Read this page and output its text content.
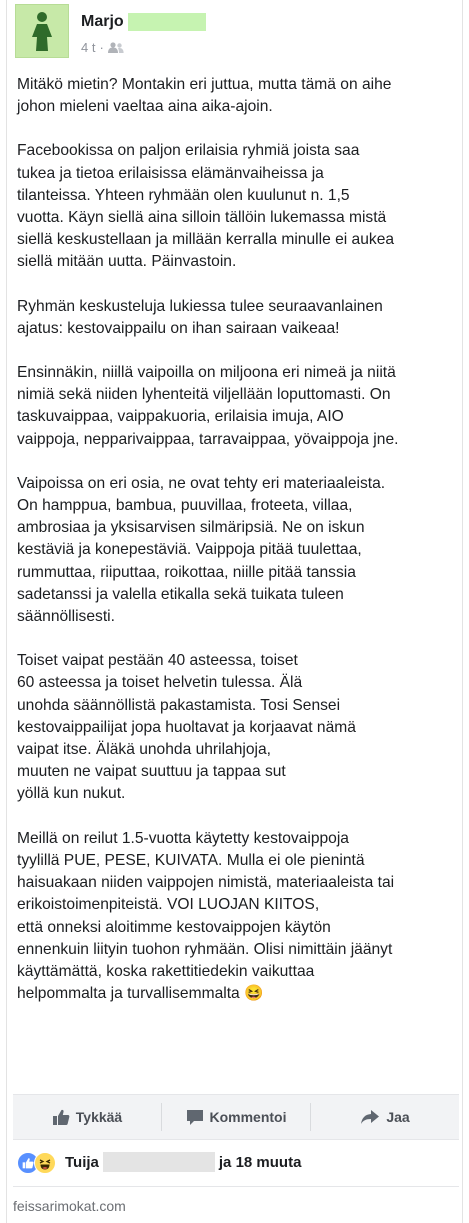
Marjo
4 t ·

Mitäkö mietin? Montakin eri juttua, mutta tämä on aihe
johon mieleni vaeltaa aina aika-ajoin.

Facebookissa on paljon erilaisia ryhmiä joista saa
tukea ja tietoa erilaisissa elämänvaiheissa ja
tilanteissa. Yhteen ryhmään olen kuulunut n. 1,5
vuotta. Käyn siellä aina silloin tällöin lukemassa mistä
siellä keskustellaan ja millään kerralla minulle ei aukea
siellä mitään uutta. Päinvastoin.

Ryhmän keskusteluja lukiessa tulee seuraavanlainen
ajatus: kestovaippailu on ihan sairaan vaikeaa!

Ensinnäkin, niillä vaipoilla on miljoona eri nimeä ja niitä
nimiä sekä niiden lyhenteitä viljellään loputtomasti. On
taskuvaippaa, vaippakuoria, erilaisia imuja, AIO
vaippoja, nepparivaippaa, tarravaippaa, yövaippoja jne.

Vaipoissa on eri osia, ne ovat tehty eri materiaaleista.
On hamppua, bambua, puuvillaa, froteeta, villaa,
ambrosiaa ja yksisarvisen silmäripsiä. Ne on iskun
kestäviä ja konepestäviä. Vaippoja pitää tuulettaa,
rummuttaa, riiputtaa, roikottaa, niille pitää tanssia
sadetanssi ja valella etikalla sekä tuikata tuleen
säännöllisesti.

Toiset vaipat pestään 40 asteessa, toiset
60 asteessa ja toiset helvetin tulessa. Älä
unohda säännöllistä pakastamista. Tosi Sensei
kestovaippailijat jopa huoltavat ja korjaavat nämä
vaipat itse. Äläkä unohda uhrilahjoja,
muuten ne vaipat suuttuu ja tappaa sut
yöllä kun nukut.

Meillä on reilut 1.5-vuotta käytetty kestovaippoja
tyylillä PUE, PESE, KUIVATA. Mulla ei ole pienintä
haisuakaan niiden vaippojen nimistä, materiaaleista tai
erikoistoimenpiteistä. VOI LUOJAN KIITOS,
että onneksi aloitimme kestovaippojen käytön
ennenkuin liityin tuohon ryhmään. Olisi nimittäin jäänyt
käyttämättä, koska rakettitiedekin vaikuttaa
helpommalta ja turvallisemmalta 😆

Tykkää	Kommentoi	Jaa
Tuija	ja 18 muuta
feissarimokat.com
